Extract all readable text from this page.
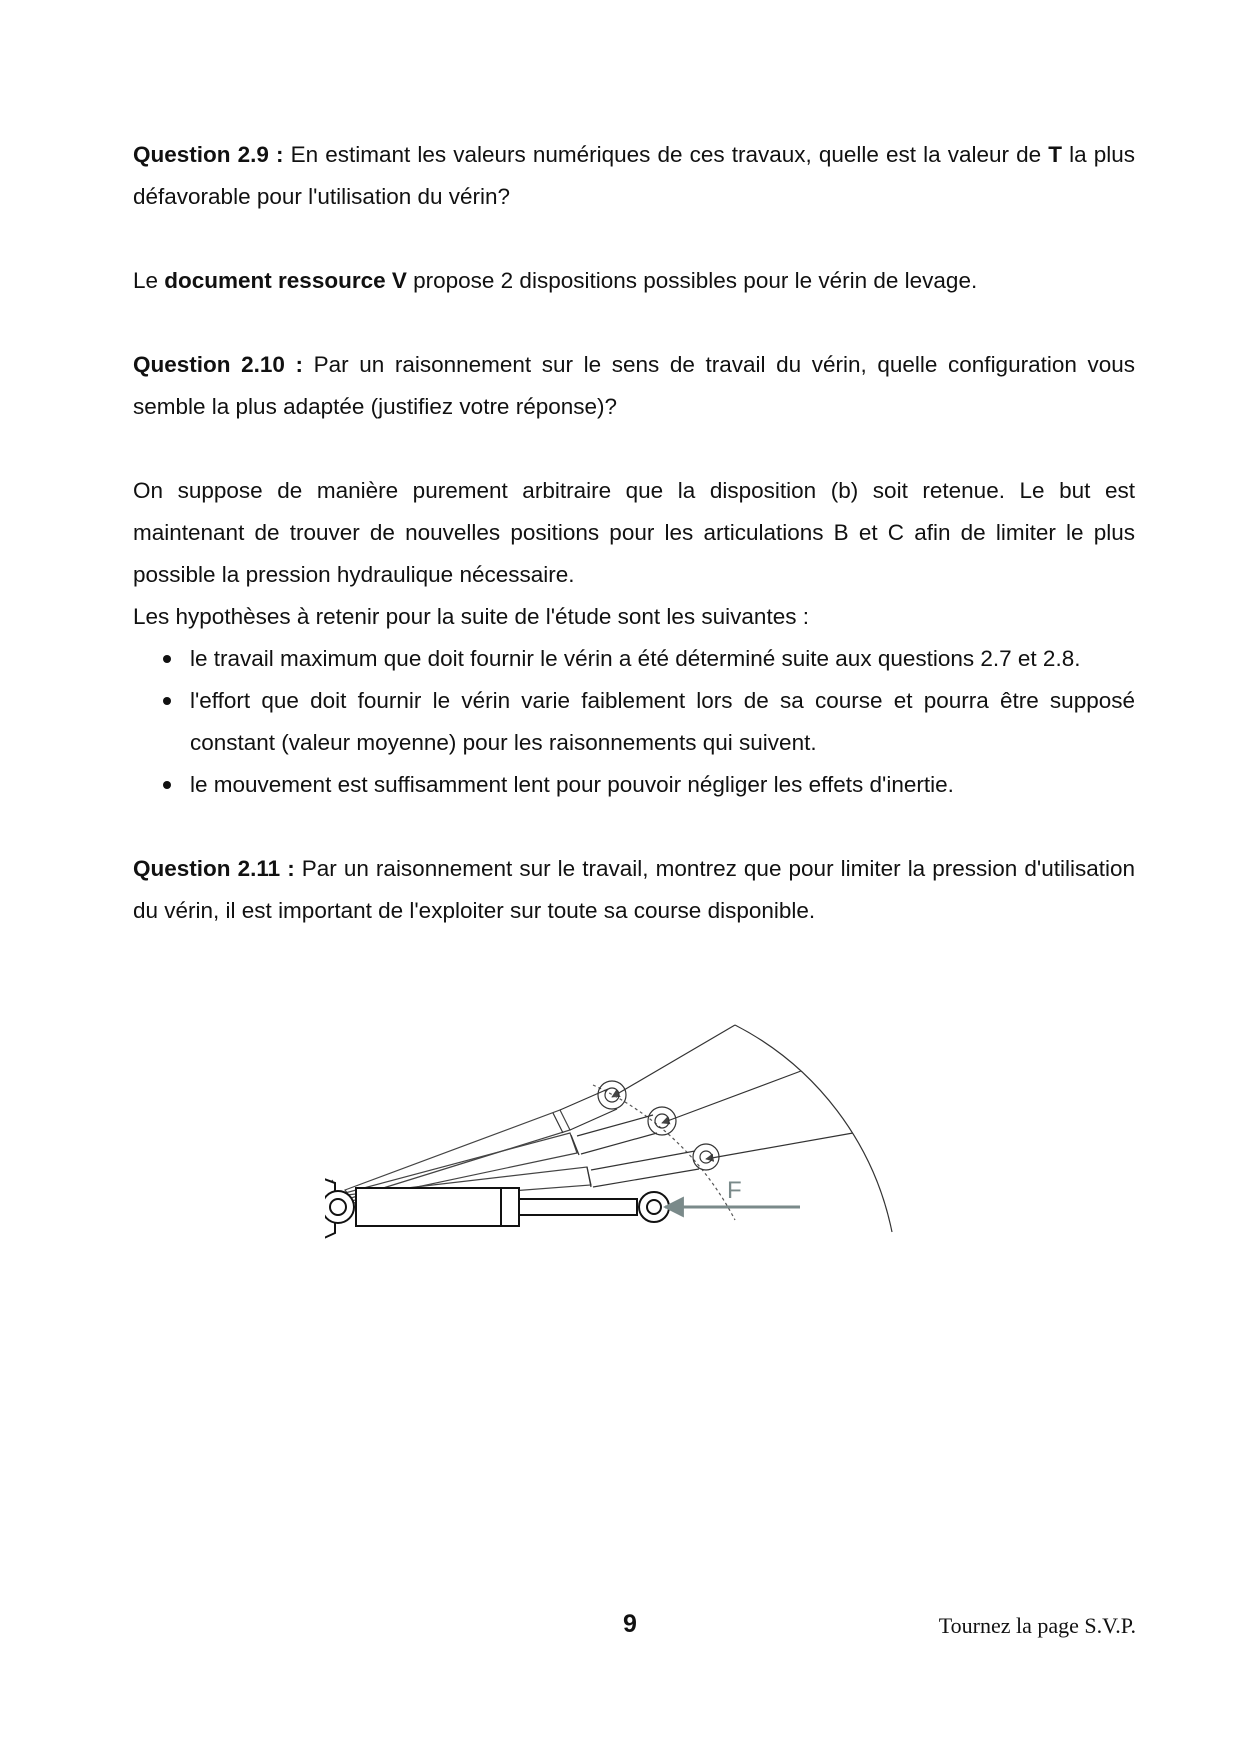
Question 2.9 : En estimant les valeurs numériques de ces travaux, quelle est la valeur de T la plus défavorable pour l'utilisation du vérin?

Le document ressource V propose 2 dispositions possibles pour le vérin de levage.

Question 2.10 : Par un raisonnement sur le sens de travail du vérin, quelle configuration vous semble la plus adaptée (justifiez votre réponse)?

On suppose de manière purement arbitraire que la disposition (b) soit retenue. Le but est maintenant de trouver de nouvelles positions pour les articulations B et C afin de limiter le plus possible la pression hydraulique nécessaire.

Les hypothèses à retenir pour la suite de l'étude sont les suivantes :

le travail maximum que doit fournir le vérin a été déterminé suite aux questions 2.7 et 2.8.
l'effort que doit fournir le vérin varie faiblement lors de sa course et pourra être supposé constant (valeur moyenne) pour les raisonnements qui suivent.
le mouvement est suffisamment lent pour pouvoir négliger les effets d'inertie.

Question 2.11 : Par un raisonnement sur le travail, montrez que pour limiter la pression d'utilisation du vérin, il est important de l'exploiter sur toute sa course disponible.

F
9	Tournez la page S.V.P.
